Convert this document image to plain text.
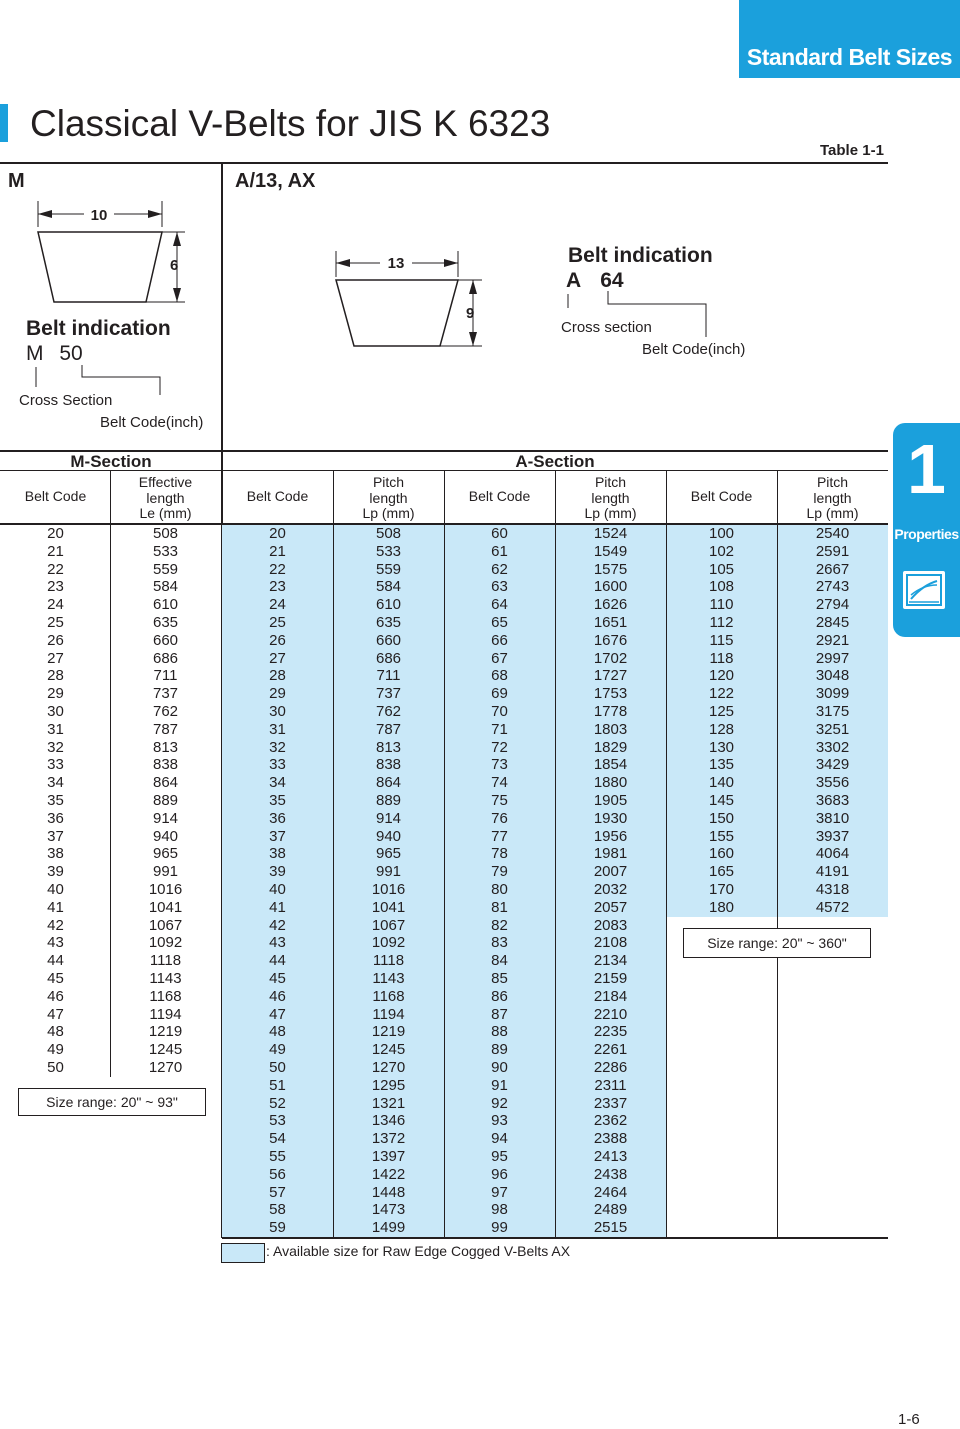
Standard Belt Sizes
Classical V-Belts for JIS K 6323
Table 1-1
M
10
6
Belt indication
M 50
Cross Section
Belt Code(inch)
A/13, AX
13
9
Belt indication
A 64
Cross section
Belt Code(inch)
1
Properties
M-Section	A-Section
Belt Code
Effective
length
Le (mm)
Belt Code
Pitch
length
Lp (mm)
Belt Code
Pitch
length
Lp (mm)
Belt Code
Pitch
length
Lp (mm)
20
21
22
23
24
25
26
27
28
29
30
31
32
33
34
35
36
37
38
39
40
41
42
43
44
45
46
47
48
49
50
508
533
559
584
610
635
660
686
711
737
762
787
813
838
864
889
914
940
965
991
1016
1041
1067
1092
1118
1143
1168
1194
1219
1245
1270
20
21
22
23
24
25
26
27
28
29
30
31
32
33
34
35
36
37
38
39
40
41
42
43
44
45
46
47
48
49
50
51
52
53
54
55
56
57
58
59
508
533
559
584
610
635
660
686
711
737
762
787
813
838
864
889
914
940
965
991
1016
1041
1067
1092
1118
1143
1168
1194
1219
1245
1270
1295
1321
1346
1372
1397
1422
1448
1473
1499
60
61
62
63
64
65
66
67
68
69
70
71
72
73
74
75
76
77
78
79
80
81
82
83
84
85
86
87
88
89
90
91
92
93
94
95
96
97
98
99
1524
1549
1575
1600
1626
1651
1676
1702
1727
1753
1778
1803
1829
1854
1880
1905
1930
1956
1981
2007
2032
2057
2083
2108
2134
2159
2184
2210
2235
2261
2286
2311
2337
2362
2388
2413
2438
2464
2489
2515
100
102
105
108
110
112
115
118
120
122
125
128
130
135
140
145
150
155
160
165
170
180
2540
2591
2667
2743
2794
2845
2921
2997
3048
3099
3175
3251
3302
3429
3556
3683
3810
3937
4064
4191
4318
4572
Size range: 20" ~ 93"
Size range: 20" ~ 360"
: Available size for Raw Edge Cogged V-Belts AX
1-6
